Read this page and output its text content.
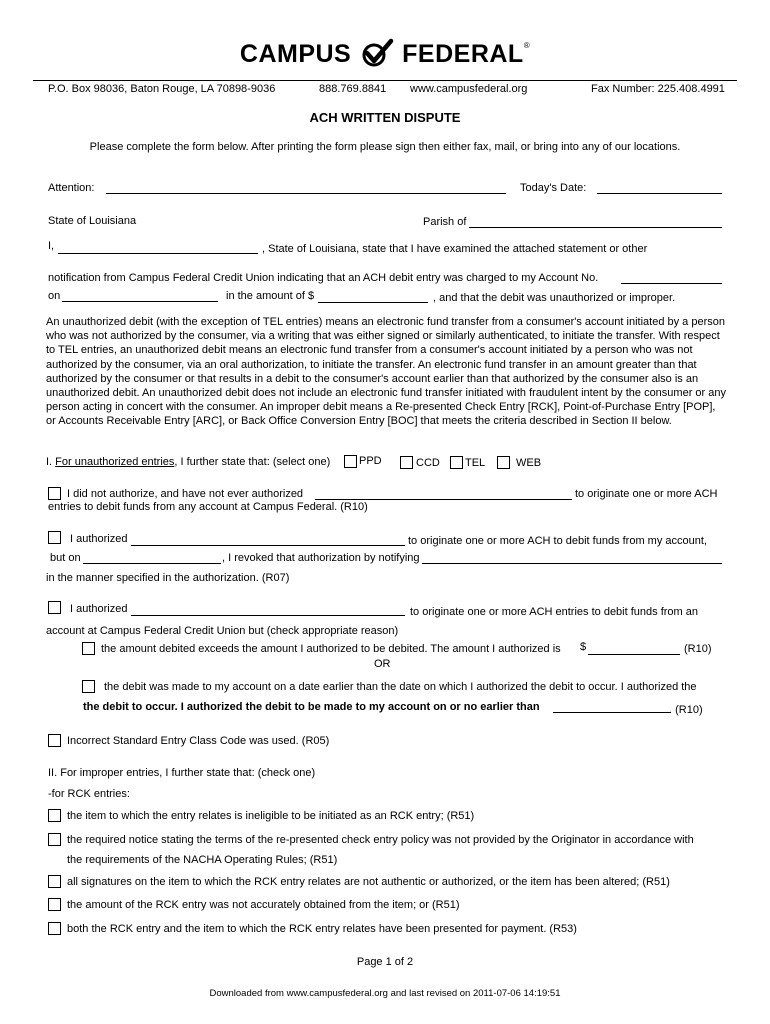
CAMPUS FEDERAL®
P.O. Box 98036, Baton Rouge, LA 70898-9036	888.769.8841 www.campusfederal.org	Fax Number: 225.408.4991
ACH WRITTEN DISPUTE
Please complete the form below. After printing the form please sign then either fax, mail, or bring into any of our locations.
Attention:	Today's Date:
State of Louisiana	Parish of
I,	, State of Louisiana, state that I have examined the attached statement or other
notification from Campus Federal Credit Union indicating that an ACH debit entry was charged to my Account No.
on	in the amount of $	, and that the debit was unauthorized or improper.
An unauthorized debit (with the exception of TEL entries) means an electronic fund transfer from a consumer's account initiated by a person who was not authorized by the consumer, via a writing that was either signed or similarly authenticated, to initiate the transfer. With respect to TEL entries, an unauthorized debit means an electronic fund transfer from a consumer's account initiated by a person who was not authorized by the consumer, via an oral authorization, to initiate the transfer. An electronic fund transfer in an amount greater than that authorized by the consumer or that results in a debit to the consumer's account earlier than that authorized by the consumer also is an unauthorized debit. An unauthorized debit does not include an electronic fund transfer initiated with fraudulent intent by the consumer or any person acting in concert with the consumer. An improper debit means a Re-presented Check Entry [RCK], Point-of-Purchase Entry [POP], or Accounts Receivable Entry [ARC], or Back Office Conversion Entry [BOC] that meets the criteria described in Section II below.
I. For unauthorized entries, I further state that: (select one)	PPD	CCD TEL	WEB
I did not authorize, and have not ever authorized	to originate one or more ACH
entries to debit funds from any account at Campus Federal. (R10)
I authorized	to originate one or more ACH to debit funds from my account,
but on	, I revoked that authorization by notifying
in the manner specified in the authorization. (R07)
I authorized	to originate one or more ACH entries to debit funds from an
account at Campus Federal Credit Union but (check appropriate reason)
the amount debited exceeds the amount I authorized to be debited. The amount I authorized is $	(R10)
OR
the debit was made to my account on a date earlier than the date on which I authorized the debit to occur. I authorized the
the debit to occur. I authorized the debit to be made to my account on or no earlier than	. (R10)
Incorrect Standard Entry Class Code was used. (R05)
II. For improper entries, I further state that: (check one)
-for RCK entries:
the item to which the entry relates is ineligible to be initiated as an RCK entry; (R51)
the required notice stating the terms of the re-presented check entry policy was not provided by the Originator in accordance with
the requirements of the NACHA Operating Rules; (R51)
all signatures on the item to which the RCK entry relates are not authentic or authorized, or the item has been altered; (R51)
the amount of the RCK entry was not accurately obtained from the item; or (R51)
both the RCK entry and the item to which the RCK entry relates have been presented for payment. (R53)
Page 1 of 2
Downloaded from www.campusfederal.org and last revised on 2011-07-06 14:19:51
